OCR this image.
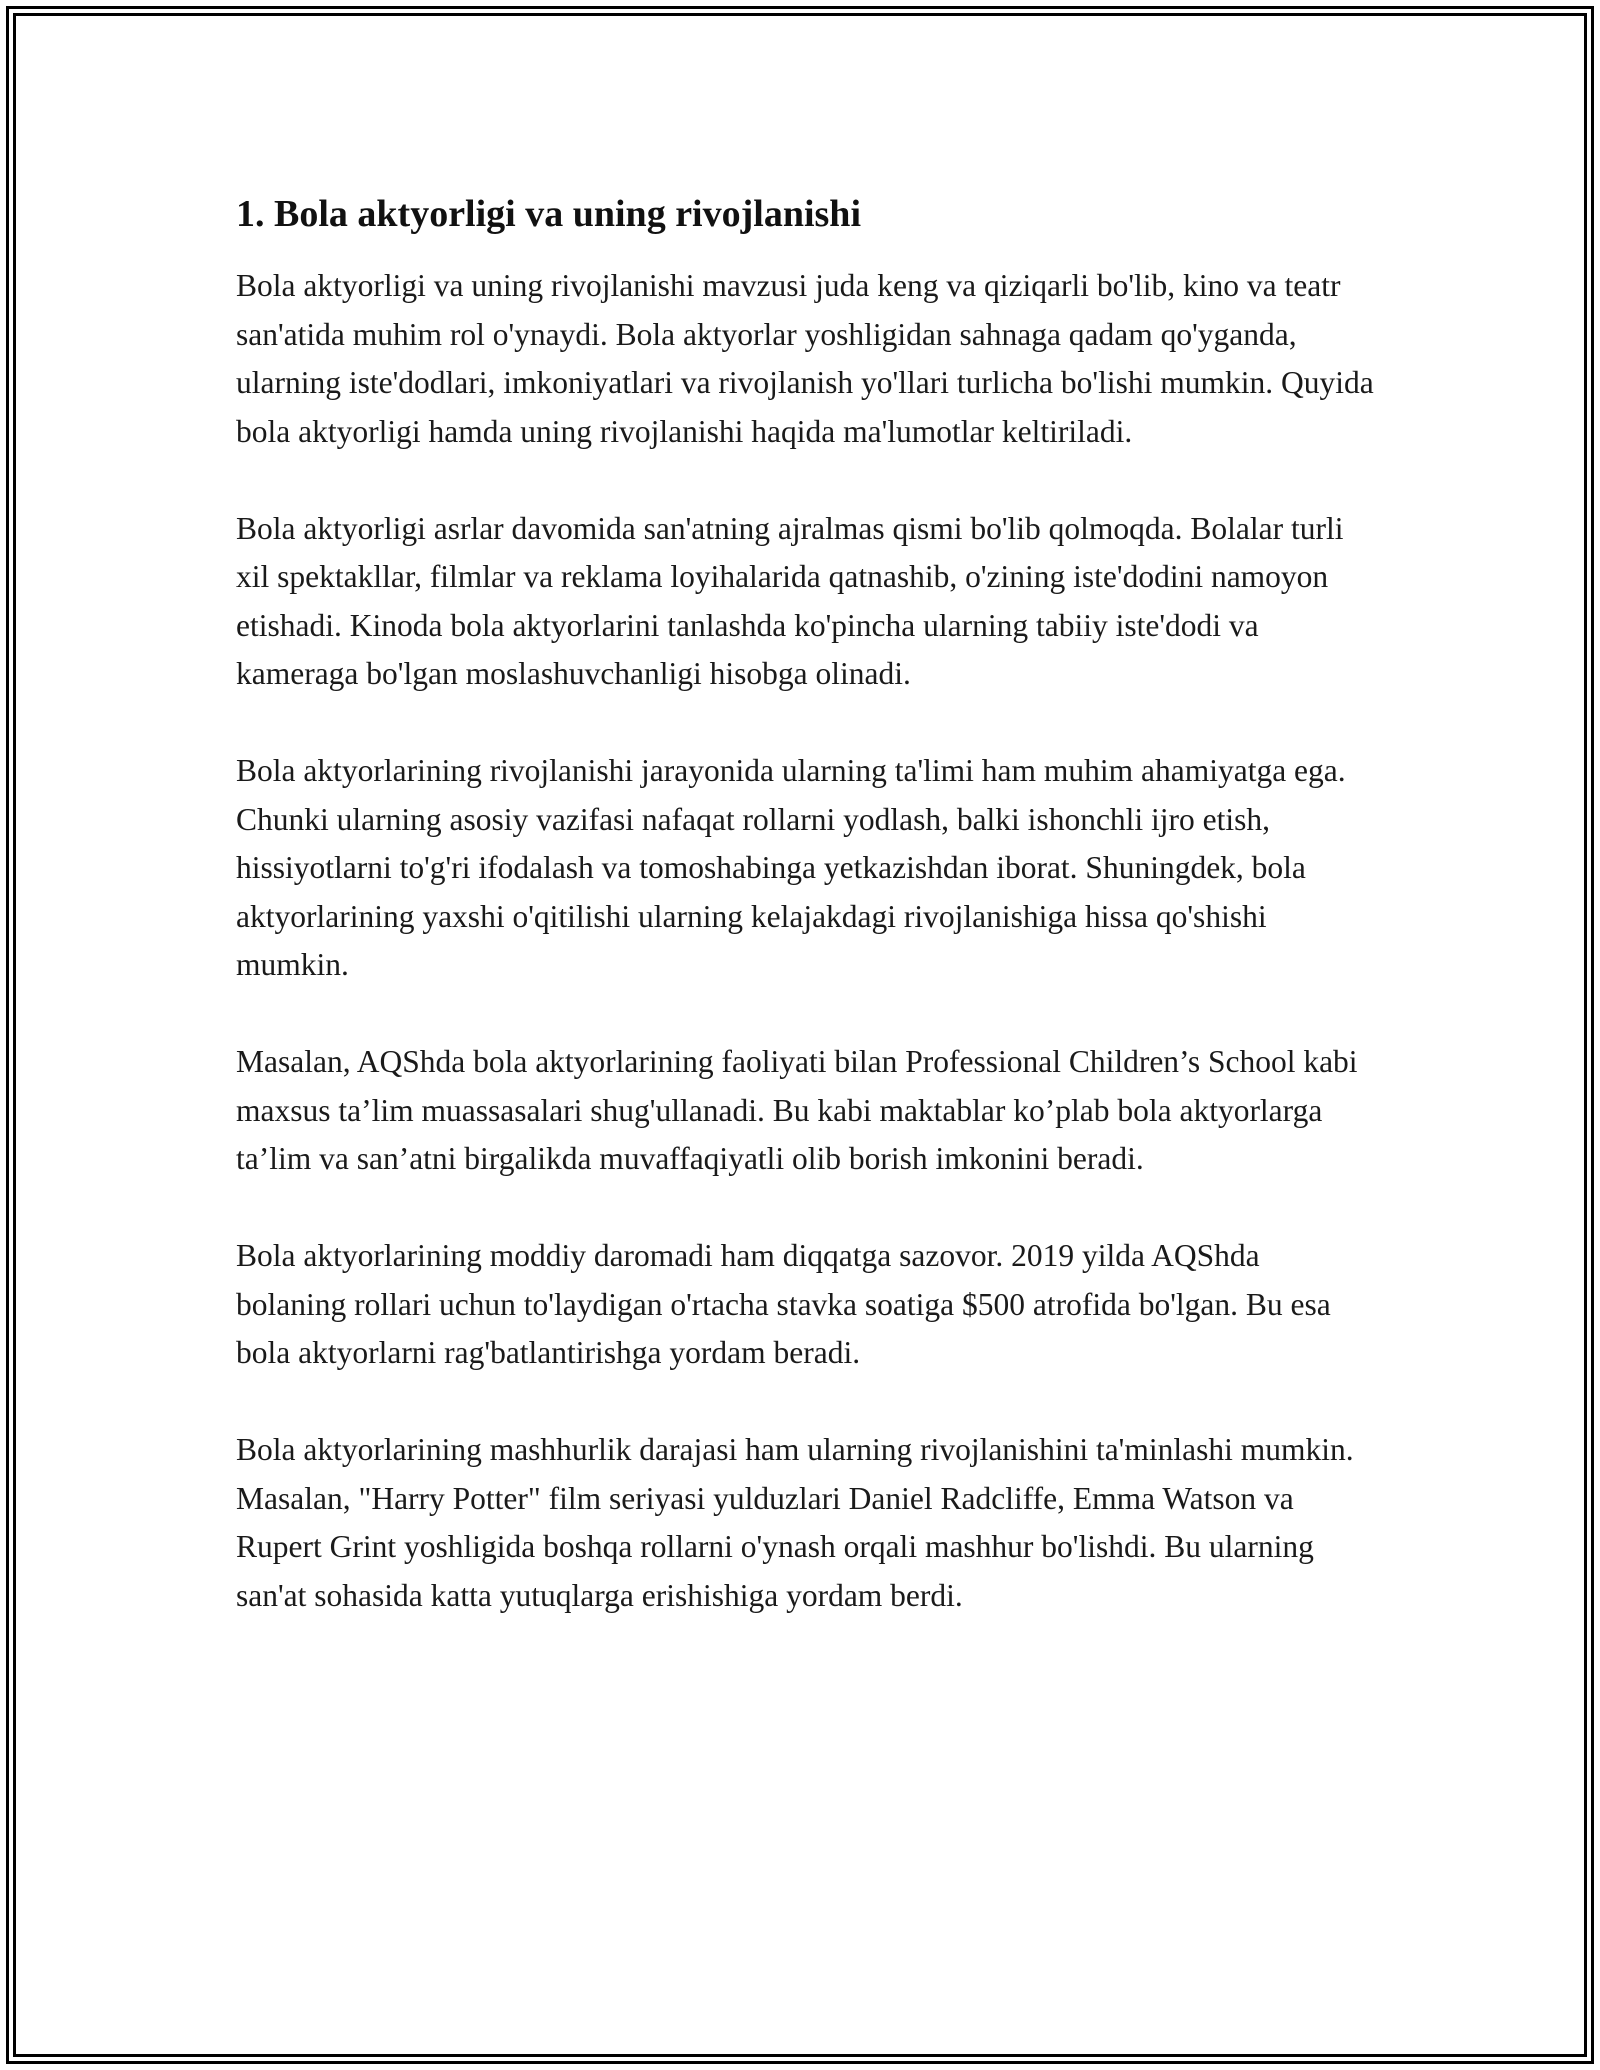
1. Bola aktyorligi va uning rivojlanishi

Bola aktyorligi va uning rivojlanishi mavzusi juda keng va qiziqarli bo'lib, kino va teatr san'atida muhim rol o'ynaydi. Bola aktyorlar yoshligidan sahnaga qadam qo'yganda, ularning iste'dodlari, imkoniyatlari va rivojlanish yo'llari turlicha bo'lishi mumkin. Quyida bola aktyorligi hamda uning rivojlanishi haqida ma'lumotlar keltiriladi.

Bola aktyorligi asrlar davomida san'atning ajralmas qismi bo'lib qolmoqda. Bolalar turli xil spektakllar, filmlar va reklama loyihalarida qatnashib, o'zining iste'dodini namoyon etishadi. Kinoda bola aktyorlarini tanlashda ko'pincha ularning tabiiy iste'dodi va kameraga bo'lgan moslashuvchanligi hisobga olinadi.

Bola aktyorlarining rivojlanishi jarayonida ularning ta'limi ham muhim ahamiyatga ega. Chunki ularning asosiy vazifasi nafaqat rollarni yodlash, balki ishonchli ijro etish, hissiyotlarni to'g'ri ifodalash va tomoshabinga yetkazishdan iborat. Shuningdek, bola aktyorlarining yaxshi o'qitilishi ularning kelajakdagi rivojlanishiga hissa qo'shishi mumkin.

Masalan, AQShda bola aktyorlarining faoliyati bilan Professional Children’s School kabi maxsus ta’lim muassasalari shug'ullanadi. Bu kabi maktablar ko’plab bola aktyorlarga ta’lim va san’atni birgalikda muvaffaqiyatli olib borish imkonini beradi.

Bola aktyorlarining moddiy daromadi ham diqqatga sazovor. 2019 yilda AQShda bolaning rollari uchun to'laydigan o'rtacha stavka soatiga $500 atrofida bo'lgan. Bu esa bola aktyorlarni rag'batlantirishga yordam beradi.

Bola aktyorlarining mashhurlik darajasi ham ularning rivojlanishini ta'minlashi mumkin. Masalan, "Harry Potter" film seriyasi yulduzlari Daniel Radcliffe, Emma Watson va Rupert Grint yoshligida boshqa rollarni o'ynash orqali mashhur bo'lishdi. Bu ularning san'at sohasida katta yutuqlarga erishishiga yordam berdi.
